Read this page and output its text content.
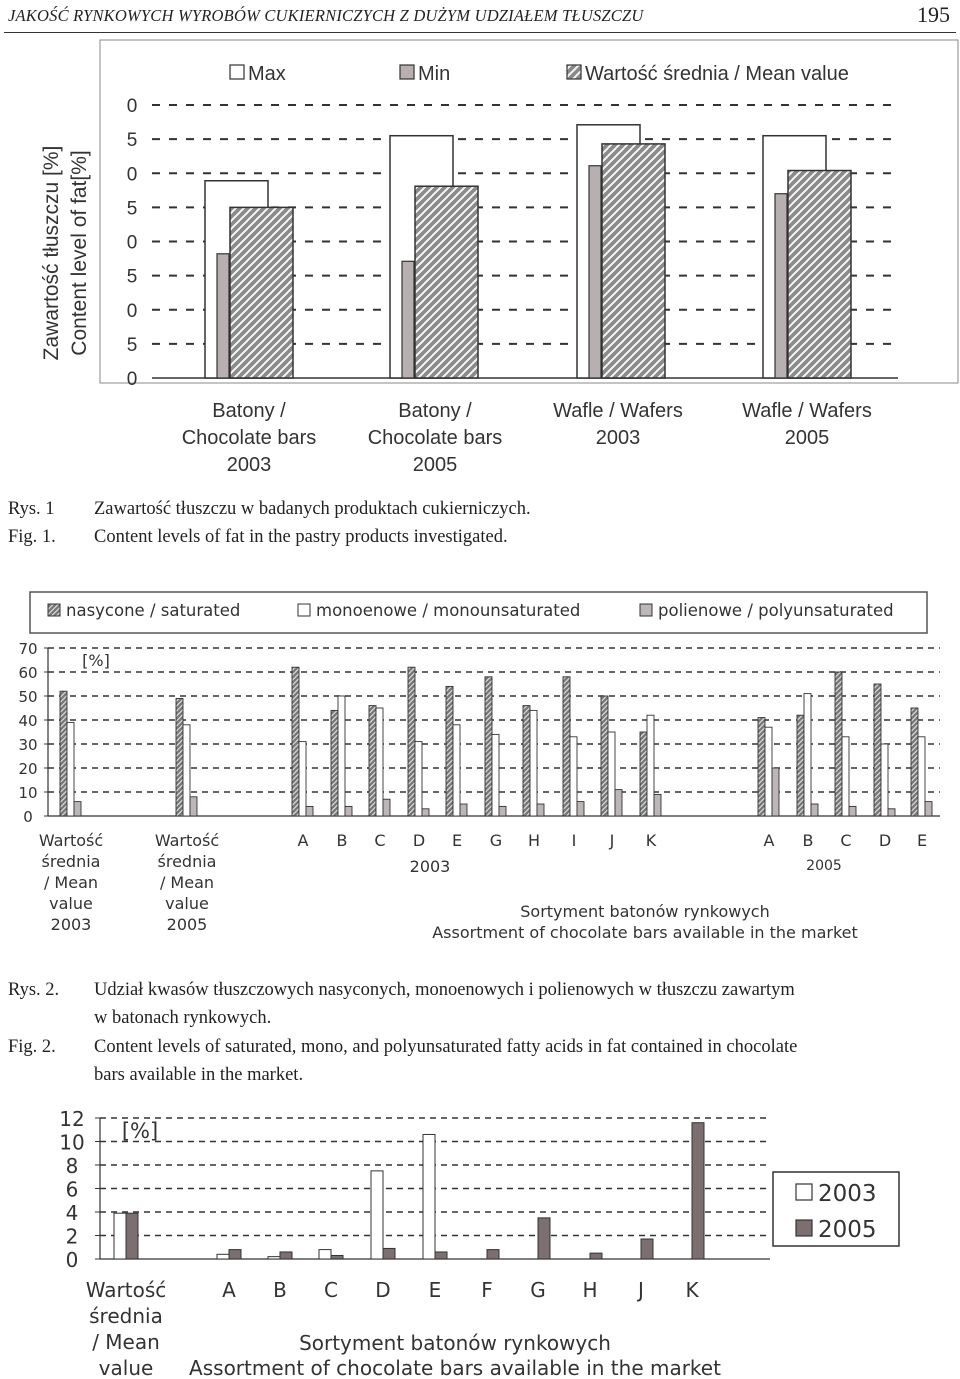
JAKOŚĆ RYNKOWYCH WYROBÓW CUKIERNICZYCH Z DUŻYM UDZIAŁEM TŁUSZCZU	195
Max	Min	Wartość średnia / Mean value
0
5
0
5
0
5
0
5
0
Zawartość tłuszczu [%] Content level of fat[%]
Batony /
Chocolate bars
2003
Batony /
Chocolate bars
2005
Wafle / Wafers
2003
Wafle / Wafers
2005
Rys. 1 Zawartość tłuszczu w badanych produktach cukierniczych.
Fig. 1. Content levels of fat in the pastry products investigated.
nasycone / saturated	monoenowe / monounsaturated	polienowe / polyunsaturated
0
10
20
30
40
50
60
70
[%]
Wartość
średnia
/ Mean
value
2003
Wartość
średnia
/ Mean
value
2005
A B C D E G H I J K	A B C D E
2003	2005
Sortyment batonów rynkowych
Assortment of chocolate bars available in the market
Rys. 2. Udział kwasów tłuszczowych nasyconych, monoenowych i polienowych w tłuszczu zawartym
w batonach rynkowych.
Fig. 2. Content levels of saturated, mono, and polyunsaturated fatty acids in fat contained in chocolate
bars available in the market.
0
2
4
6
8
10
12 [%]
2003
2005
Wartość
średnia
/ Mean
value
A B C D E F G H J K
Sortyment batonów rynkowych
Assortment of chocolate bars available in the market
